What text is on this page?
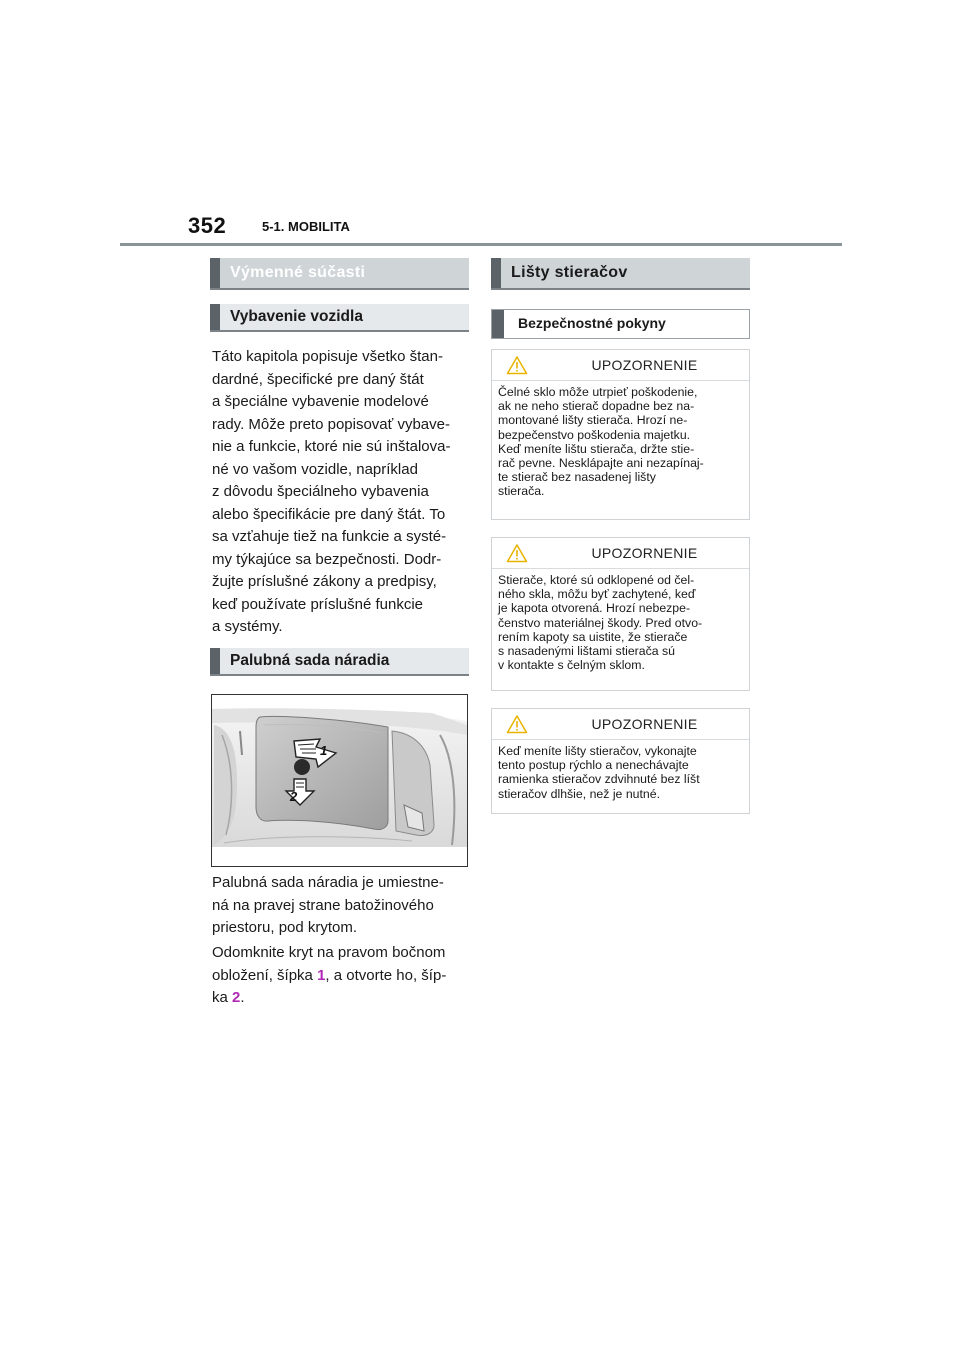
352	5-1. MOBILITA
Výmenné súčasti
Vybavenie vozidla

Táto kapitola popisuje všetko štan-

dardné, špecifické pre daný štát

a špeciálne vybavenie modelové

rady. Môže preto popisovať vybave-

nie a funkcie, ktoré nie sú inštalova-

né vo vašom vozidle, napríklad

z dôvodu špeciálneho vybavenia

alebo špecifikácie pre daný štát. To

sa vzťahuje tiež na funkcie a systé-

my týkajúce sa bezpečnosti. Dodr-

žujte príslušné zákony a predpisy,

keď používate príslušné funkcie

a systémy.

Palubná sada náradia
1
2

Palubná sada náradia je umiestne-

ná na pravej strane batožinového

priestoru, pod krytom.

Odomknite kryt na pravom bočnom

obložení, šípka 1, a otvorte ho, šíp-

ka 2.

Lišty stieračov
Bezpečnostné pokyny
UPOZORNENIE

Čelné sklo môže utrpieť poškodenie,

ak ne neho stierač dopadne bez na-

montované lišty stierača. Hrozí ne-

bezpečenstvo poškodenia majetku.

Keď meníte lištu stierača, držte stie-

rač pevne. Nesklápajte ani nezapínaj-

te stierač bez nasadenej lišty

stierača.

UPOZORNENIE

Stierače, ktoré sú odklopené od čel-

ného skla, môžu byť zachytené, keď

je kapota otvorená. Hrozí nebezpe-

čenstvo materiálnej škody. Pred otvo-

rením kapoty sa uistite, že stierače

s nasadenými lištami stierača sú

v kontakte s čelným sklom.

UPOZORNENIE

Keď meníte lišty stieračov, vykonajte

tento postup rýchlo a nenechávajte

ramienka stieračov zdvihnuté bez líšt

stieračov dlhšie, než je nutné.
